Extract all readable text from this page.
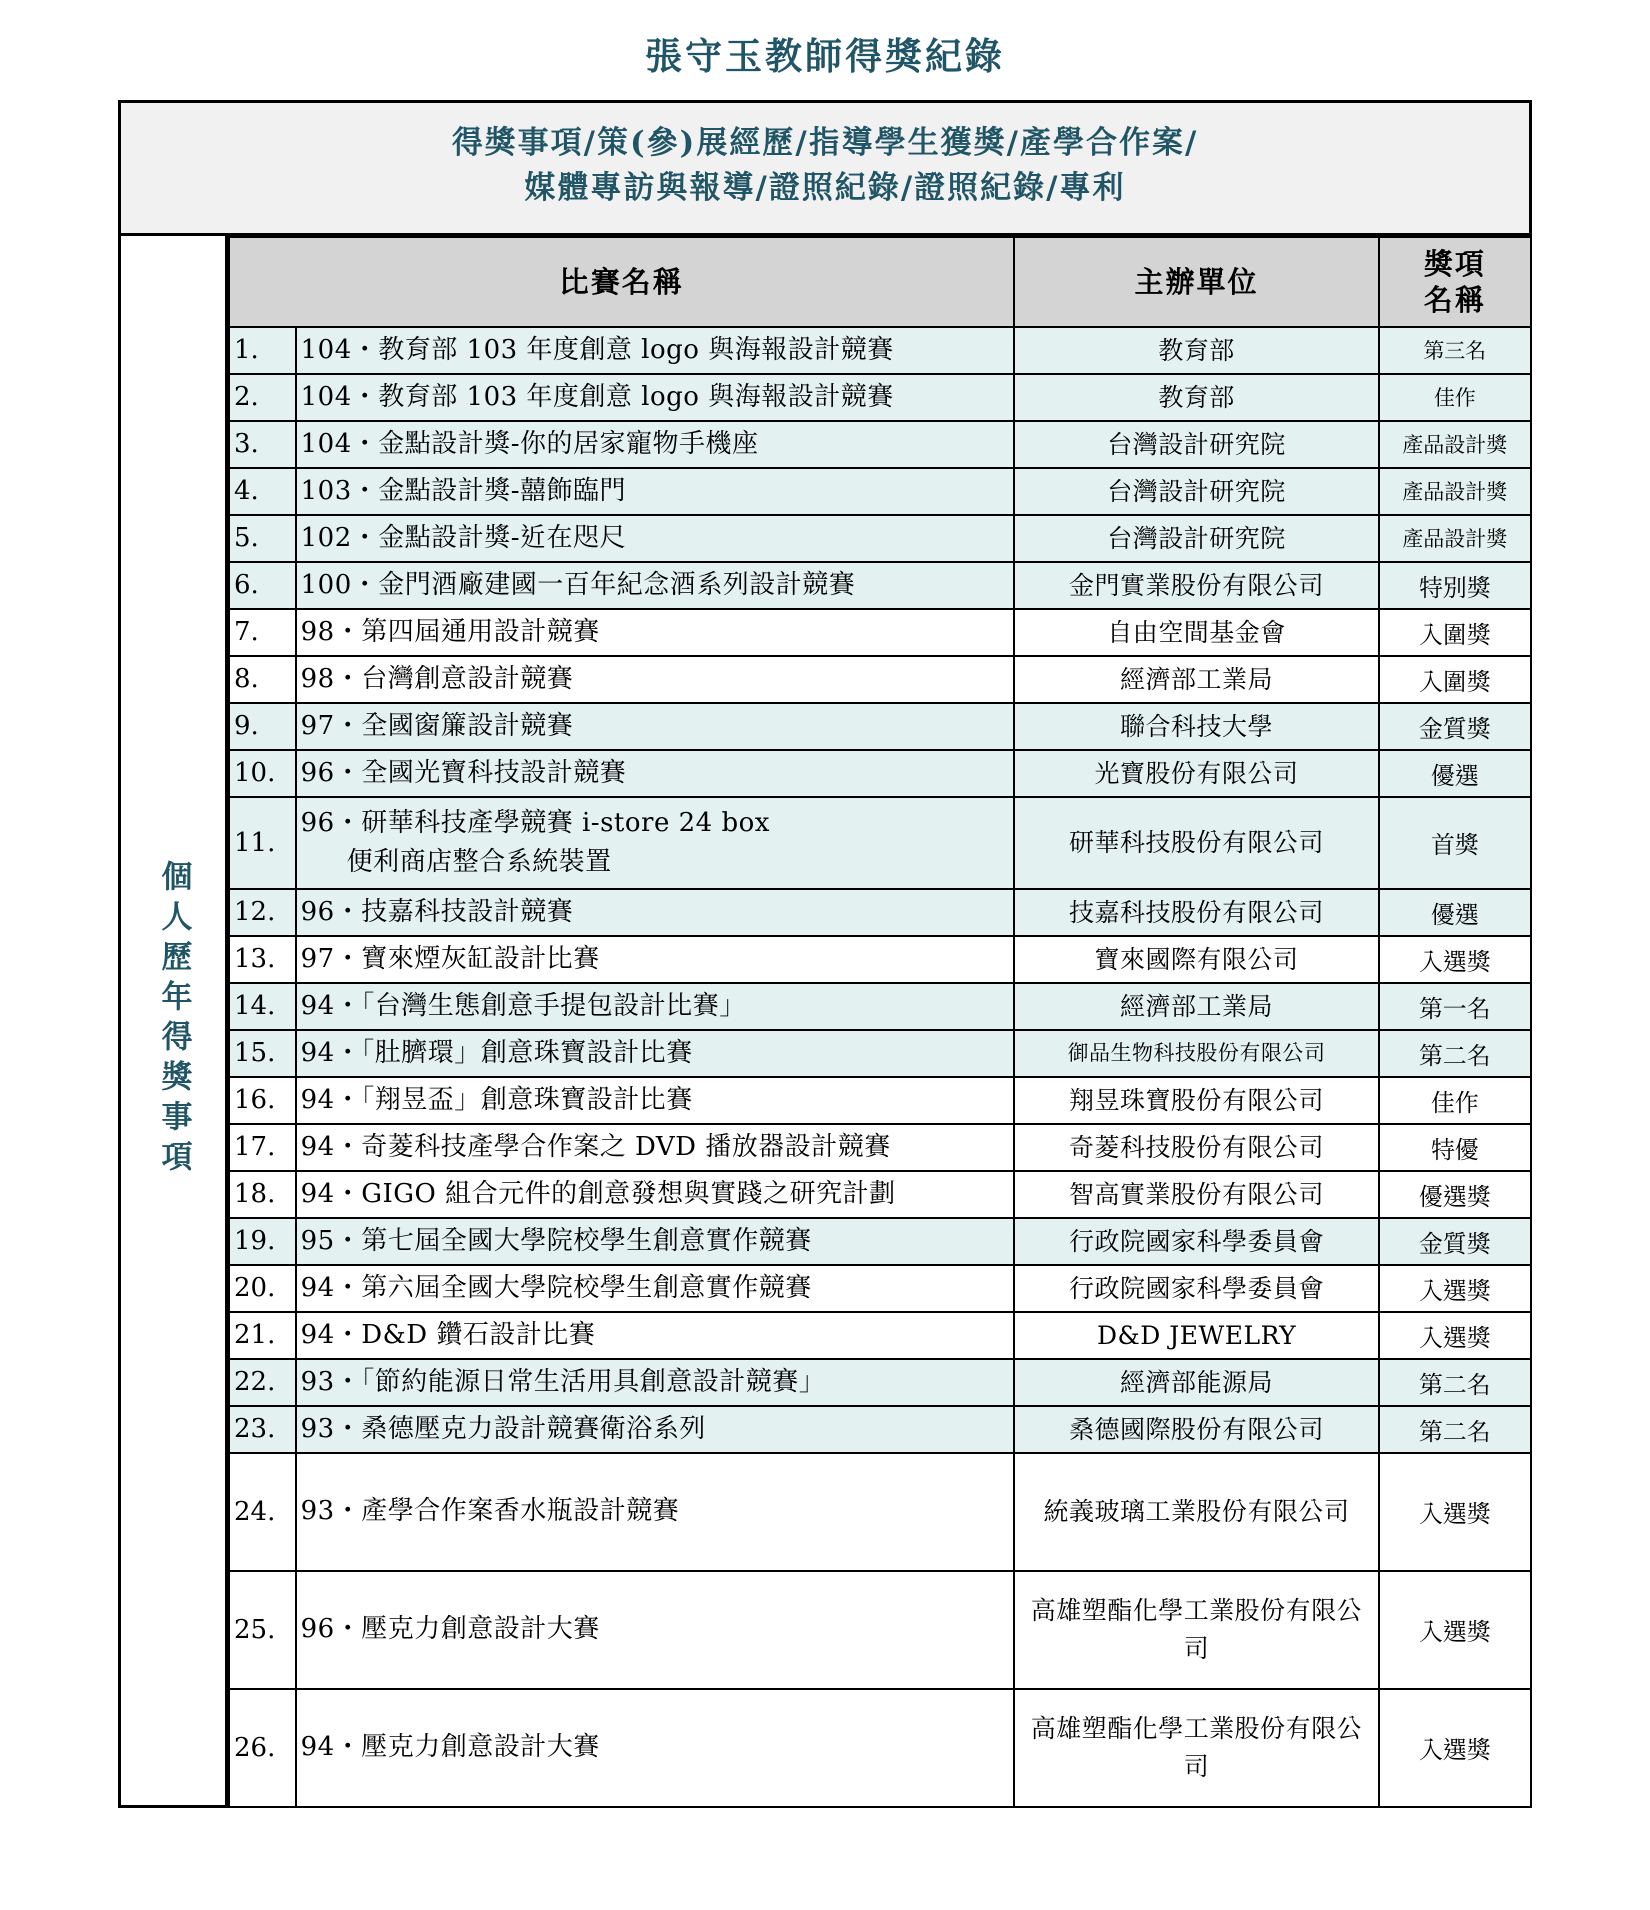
張守玉教師得獎紀錄
得獎事項/策(參)展經歷/指導學生獲獎/產學合作案/
媒體專訪與報導/證照紀錄/證照紀錄/專利
個人歷年得獎事項
比賽名稱		主辦單位	獎項
名稱
1.	104・教育部 103 年度創意 logo 與海報設計競賽	教育部	第三名
2.	104・教育部 103 年度創意 logo 與海報設計競賽	教育部	佳作
3.	104・金點設計獎-你的居家寵物手機座	台灣設計研究院	產品設計獎
4.	103・金點設計獎-囍飾臨門	台灣設計研究院	產品設計獎
5.	102・金點設計獎-近在咫尺	台灣設計研究院	產品設計獎
6.	100・金門酒廠建國一百年紀念酒系列設計競賽	金門實業股份有限公司	特別獎
7.	98・第四屆通用設計競賽	自由空間基金會	入圍獎
8.	98・台灣創意設計競賽	經濟部工業局	入圍獎
9.	97・全國窗簾設計競賽	聯合科技大學	金質獎
10.	96・全國光寶科技設計競賽	光寶股份有限公司	優選
11.	96・研華科技產學競賽 i-store 24 box
便利商店整合系統裝置	研華科技股份有限公司	首獎
12.	96・技嘉科技設計競賽	技嘉科技股份有限公司	優選
13.	97・寶來煙灰缸設計比賽	寶來國際有限公司	入選獎
14.	94・「台灣生態創意手提包設計比賽」	經濟部工業局	第一名
15.	94・「肚臍環」創意珠寶設計比賽	御品生物科技股份有限公司	第二名
16.	94・「翔昱盃」創意珠寶設計比賽	翔昱珠寶股份有限公司	佳作
17.	94・奇菱科技產學合作案之 DVD 播放器設計競賽	奇菱科技股份有限公司	特優
18.	94・GIGO 組合元件的創意發想與實踐之研究計劃	智高實業股份有限公司	優選獎
19.	95・第七屆全國大學院校學生創意實作競賽	行政院國家科學委員會	金質獎
20.	94・第六屆全國大學院校學生創意實作競賽	行政院國家科學委員會	入選獎
21.	94・D&D 鑽石設計比賽	D&D JEWELRY	入選獎
22.	93・「節約能源日常生活用具創意設計競賽」	經濟部能源局	第二名
23.	93・桑德壓克力設計競賽衛浴系列	桑德國際股份有限公司	第二名
24.	93・產學合作案香水瓶設計競賽	統義玻璃工業股份有限公司	入選獎
25.	96・壓克力創意設計大賽	高雄塑酯化學工業股份有限公司	入選獎
26.	94・壓克力創意設計大賽	高雄塑酯化學工業股份有限公司	入選獎
